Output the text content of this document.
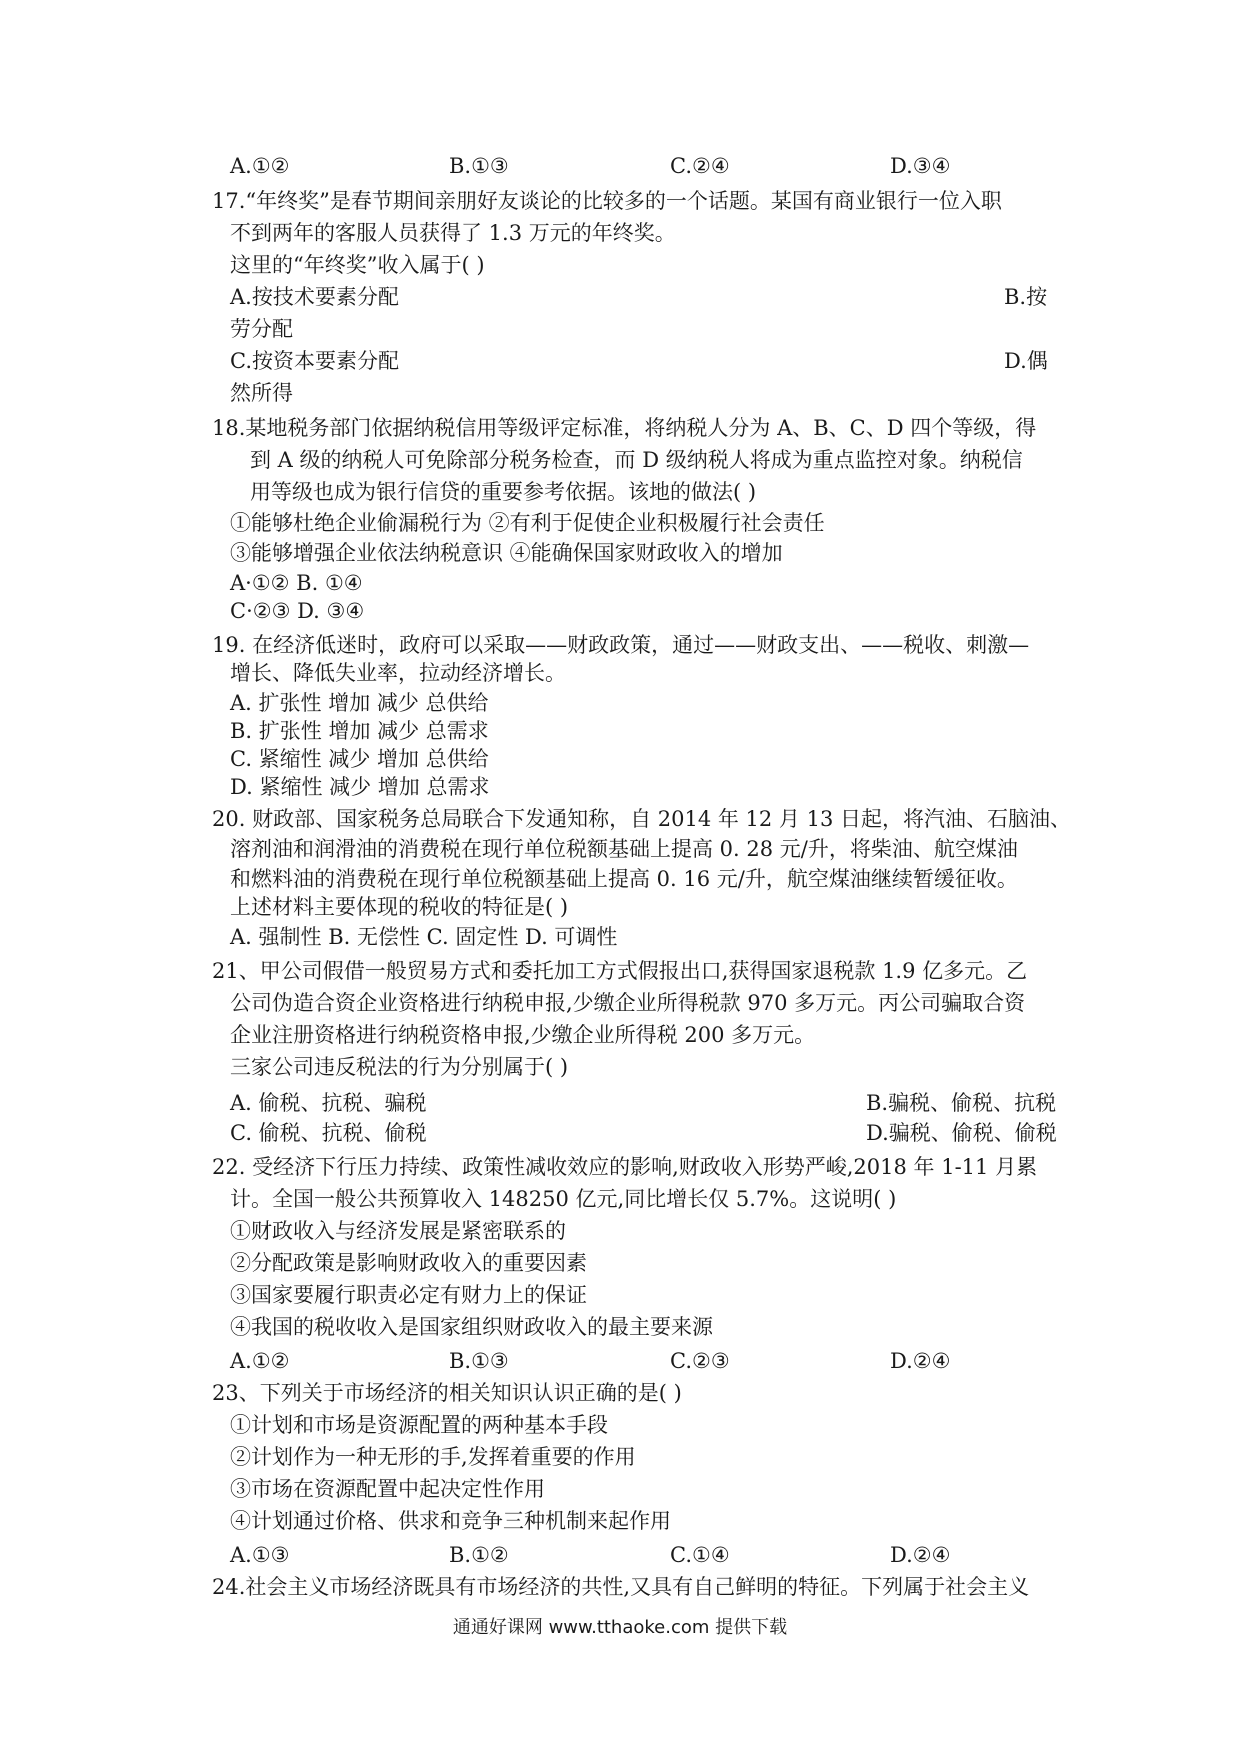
A.①②	B.①③	C.②④	D.③④
17.“年终奖”是春节期间亲朋好友谈论的比较多的一个话题。某国有商业银行一位入职
不到两年的客服人员获得了 1.3 万元的年终奖。
这里的“年终奖”收入属于( )
A.按技术要素分配	B.按
劳分配
C.按资本要素分配	D.偶
然所得
18.某地税务部门依据纳税信用等级评定标准，将纳税人分为 A、B、C、D 四个等级，得
到 A 级的纳税人可免除部分税务检查，而 D 级纳税人将成为重点监控对象。纳税信
用等级也成为银行信贷的重要参考依据。该地的做法( )
①能够杜绝企业偷漏税行为 ②有利于促使企业积极履行社会责任
③能够增强企业依法纳税意识 ④能确保国家财政收入的增加
A·①② B. ①④
C·②③ D. ③④
19. 在经济低迷时，政府可以采取——财政政策，通过——财政支出、——税收、刺激—
增长、降低失业率，拉动经济增长。
A. 扩张性 增加 减少 总供给
B. 扩张性 增加 减少 总需求
C. 紧缩性 减少 增加 总供给
D. 紧缩性 减少 增加 总需求
20. 财政部、国家税务总局联合下发通知称，自 2014 年 12 月 13 日起，将汽油、石脑油、
溶剂油和润滑油的消费税在现行单位税额基础上提高 0. 28 元/升，将柴油、航空煤油
和燃料油的消费税在现行单位税额基础上提高 0. 16 元/升，航空煤油继续暂缓征收。
上述材料主要体现的税收的特征是( )
A. 强制性 B. 无偿性 C. 固定性 D. 可调性
21、甲公司假借一般贸易方式和委托加工方式假报出口,获得国家退税款 1.9 亿多元。乙
公司伪造合资企业资格进行纳税申报,少缴企业所得税款 970 多万元。丙公司骗取合资
企业注册资格进行纳税资格申报,少缴企业所得税 200 多万元。
三家公司违反税法的行为分别属于( )
A. 偷税、抗税、骗税	B.骗税、偷税、抗税
C. 偷税、抗税、偷税	D.骗税、偷税、偷税
22. 受经济下行压力持续、政策性减收效应的影响,财政收入形势严峻,2018 年 1-11 月累
计。全国一般公共预算收入 148250 亿元,同比增长仅 5.7%。这说明( )
①财政收入与经济发展是紧密联系的
②分配政策是影响财政收入的重要因素
③国家要履行职责必定有财力上的保证
④我国的税收收入是国家组织财政收入的最主要来源
A.①②	B.①③	C.②③	D.②④
23、下列关于市场经济的相关知识认识正确的是( )
①计划和市场是资源配置的两种基本手段
②计划作为一种无形的手,发挥着重要的作用
③市场在资源配置中起决定性作用
④计划通过价格、供求和竞争三种机制来起作用
A.①③	B.①②	C.①④	D.②④
24.社会主义市场经济既具有市场经济的共性,又具有自己鲜明的特征。下列属于社会主义
通通好课网 www.tthaoke.com 提供下载
